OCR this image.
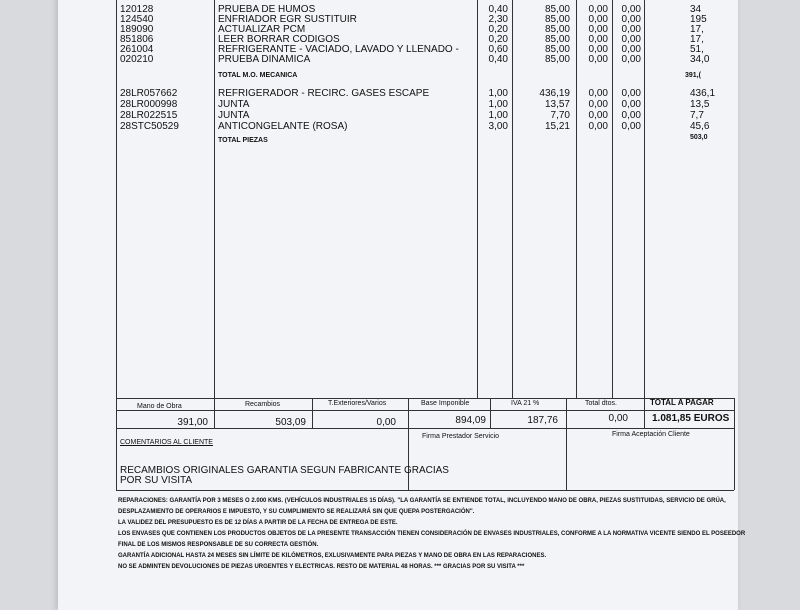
120128	PRUEBA DE HUMOS	0,40	85,00	0,00	0,00	34
124540	ENFRIADOR EGR SUSTITUIR	2,30	85,00	0,00	0,00	195
189090	ACTUALIZAR PCM	0,20	85,00	0,00	0,00	17,
851806	LEER BORRAR CODIGOS	0,20	85,00	0,00	0,00	17,
261004	REFRIGERANTE - VACIADO, LAVADO Y LLENADO -	0,60	85,00	0,00	0,00	51,
020210	PRUEBA DINAMICA	0,40	85,00	0,00	0,00	34,0
28LR057662	REFRIGERADOR - RECIRC. GASES ESCAPE	1,00	436,19	0,00	0,00	436,1
28LR000998	JUNTA	1,00	13,57	0,00	0,00	13,5
28LR022515	JUNTA	1,00	7,70	0,00	0,00	7,7
28STC50529	ANTICONGELANTE (ROSA)	3,00	15,21	0,00	0,00	45,6
TOTAL M.O. MECANICA	391,(
TOTAL PIEZAS	503,0
Mano de Obra	Recambios	T.Exteriores/Varios	Base Imponible	IVA 21 %	Total dtos.	TOTAL A PAGAR
391,00	503,09	0,00	894,09	187,76	0,00 1.081,85 EUROS
COMENTARIOS AL CLIENTE
Firma Prestador Servicio	Firma Aceptación Cliente
RECAMBIOS ORIGINALES GARANTIA SEGUN FABRICANTE GRACIAS
POR SU VISITA
REPARACIONES: GARANTÍA POR 3 MESES O 2.000 KMS. (VEHÍCULOS INDUSTRIALES 15 DÍAS). "LA GARANTÍA SE ENTIENDE TOTAL, INCLUYENDO MANO DE OBRA, PIEZAS SUSTITUIDAS, SERVICIO DE GRÚA,
DESPLAZAMIENTO DE OPERARIOS E IMPUESTO, Y SU CUMPLIMIENTO SE REALIZARÁ SIN QUE QUEPA POSTERGACIÓN".
LA VALIDEZ DEL PRESUPUESTO ES DE 12 DÍAS A PARTIR DE LA FECHA DE ENTREGA DE ESTE.
LOS ENVASES QUE CONTIENEN LOS PRODUCTOS OBJETOS DE LA PRESENTE TRANSACCIÓN TIENEN CONSIDERACIÓN DE ENVASES INDUSTRIALES, CONFORME A LA NORMATIVA VICENTE SIENDO EL POSEEDOR
FINAL DE LOS MISMOS RESPONSABLE DE SU CORRECTA GESTIÓN.
GARANTÍA ADICIONAL HASTA 24 MESES SIN LÍMITE DE KILÓMETROS, EXLUSIVAMENTE PARA PIEZAS Y MANO DE OBRA EN LAS REPARACIONES.
NO SE ADMINTEN DEVOLUCIONES DE PIEZAS URGENTES Y ELECTRICAS. RESTO DE MATERIAL 48 HORAS. *** GRACIAS POR SU VISITA ***
